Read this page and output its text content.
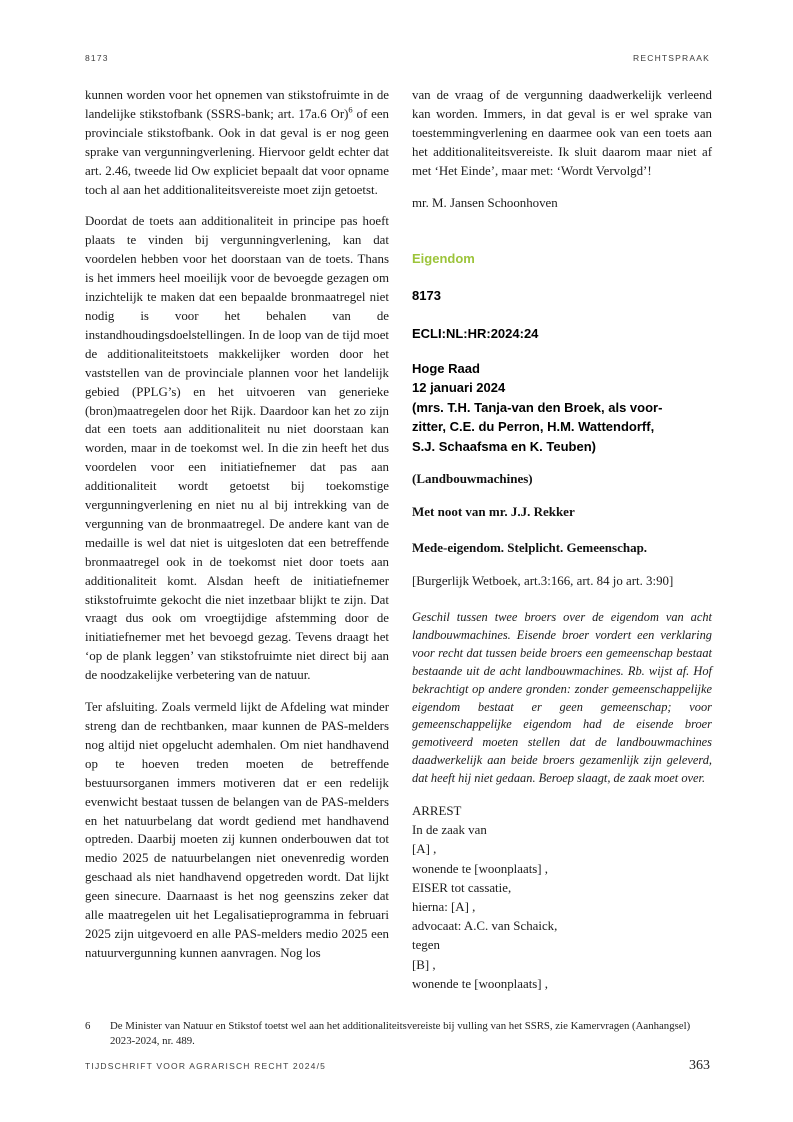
8173	RECHTSPRAAK

kunnen worden voor het opnemen van stikstofruimte in de landelijke stikstofbank (SSRS-bank; art. 17a.6 Or)$^6$ of een provinciale stikstofbank. Ook in dat geval is er nog geen sprake van vergunningverlening. Hiervoor geldt echter dat art. 2.46, tweede lid Ow expliciet bepaalt dat voor opname toch al aan het additionaliteitsvereiste moet zijn getoetst.

Doordat de toets aan additionaliteit in principe pas hoeft plaats te vinden bij vergunningverlening, kan dat voordelen hebben voor het doorstaan van de toets. Thans is het immers heel moeilijk voor de bevoegde gezagen om inzichtelijk te maken dat een bepaalde bronmaatregel niet nodig is voor het behalen van de instandhoudingsdoelstellingen. In de loop van de tijd moet de additionaliteitstoets makkelijker worden door het vaststellen van de provinciale plannen voor het landelijk gebied (PPLG’s) en het uitvoeren van generieke (bron)maatregelen door het Rijk. Daardoor kan het zo zijn dat een toets aan additionaliteit nu niet doorstaan kan worden, maar in de toekomst wel. In die zin heeft het dus voordelen voor een initiatiefnemer dat pas aan additionaliteit wordt getoetst bij toekomstige vergunningverlening en niet nu al bij intrekking van de vergunning van de bronmaatregel. De andere kant van de medaille is wel dat niet is uitgesloten dat een betreffende bronmaatregel ook in de toekomst niet door toets aan additionaliteit komt. Alsdan heeft de initiatiefnemer stikstofruimte gekocht die niet inzetbaar blijkt te zijn. Dat vraagt dus ook om vroegtijdige afstemming door de initiatiefnemer met het bevoegd gezag. Tevens draagt het ‘op de plank leggen’ van stikstofruimte niet direct bij aan de noodzakelijke verbetering van de natuur.

Ter afsluiting. Zoals vermeld lijkt de Afdeling wat minder streng dan de rechtbanken, maar kunnen de PAS-melders nog altijd niet opgelucht ademhalen. Om niet handhavend op te hoeven treden moeten de betreffende bestuursorganen immers motiveren dat er een redelijk evenwicht bestaat tussen de belangen van de PAS-melders en het natuurbelang dat wordt gediend met handhavend optreden. Daarbij moeten zij kunnen onderbouwen dat tot medio 2025 de natuurbelangen niet onevenredig worden geschaad als niet handhavend opgetreden wordt. Dat lijkt geen sinecure. Daarnaast is het nog geenszins zeker dat alle maatregelen uit het Legalisatieprogramma in februari 2025 zijn uitgevoerd en alle PAS-melders medio 2025 een natuurvergunning kunnen aanvragen. Nog los

van de vraag of de vergunning daadwerkelijk verleend kan worden. Immers, in dat geval is er wel sprake van toestemmingverlening en daarmee ook van een toets aan het additionaliteitsvereiste. Ik sluit daarom maar niet af met ‘Het Einde’, maar met: ‘Wordt Vervolgd’!

mr. M. Jansen Schoonhoven
Eigendom
8173
ECLI:NL:HR:2024:24
Hoge Raad
12 januari 2024
(mrs. T.H. Tanja-van den Broek, als voor-
zitter, C.E. du Perron, H.M. Wattendorff,
S.J. Schaafsma en K. Teuben)
(Landbouwmachines)
Met noot van mr. J.J. Rekker
Mede-eigendom. Stelplicht. Gemeenschap.
[Burgerlijk Wetboek, art.3:166, art. 84 jo art. 3:90]
Geschil tussen twee broers over de eigendom van acht landbouwmachines. Eisende broer vordert een verklaring voor recht dat tussen beide broers een gemeenschap bestaat bestaande uit de acht landbouwmachines. Rb. wijst af. Hof bekrachtigt op andere gronden: zonder gemeenschappelijke eigendom bestaat er geen gemeenschap; voor gemeenschappelijke eigendom had de eisende broer gemotiveerd moeten stellen dat de landbouwmachines daadwerkelijk aan beide broers gezamenlijk zijn geleverd, dat heeft hij niet gedaan. Beroep slaagt, de zaak moet over.
ARREST
In de zaak van
[A] ,
wonende te [woonplaats] ,
EISER tot cassatie,
hierna: [A] ,
advocaat: A.C. van Schaick,
tegen
[B] ,
wonende te [woonplaats] ,
6	De Minister van Natuur en Stikstof toetst wel aan het additionaliteitsvereiste bij vulling van het SSRS, zie Kamervragen (Aanhangsel) 2023-2024, nr. 489.
TIJDSCHRIFT VOOR AGRARISCH RECHT 2024/5	363
